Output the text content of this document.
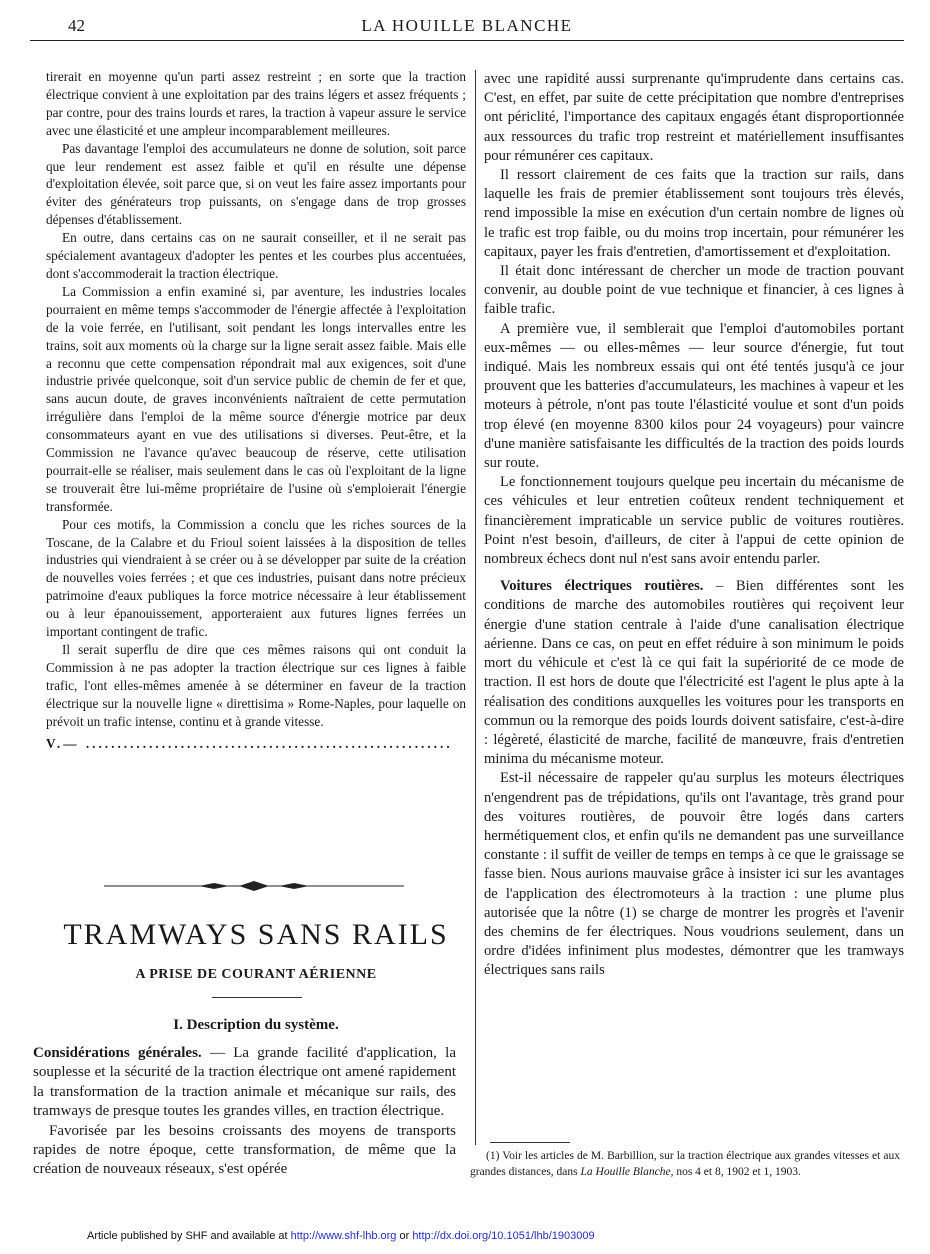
42	LA HOUILLE BLANCHE

tirerait en moyenne qu'un parti assez restreint ; en sorte que la traction électrique convient à une exploitation par des trains légers et assez fréquents ; par contre, pour des trains lourds et rares, la traction à vapeur assure le service avec une élasticité et une ampleur incomparablement meilleures.

Pas davantage l'emploi des accumulateurs ne donne de solution, soit parce que leur rendement est assez faible et qu'il en résulte une dépense d'exploitation élevée, soit parce que, si on veut les faire assez importants pour éviter des générateurs trop puissants, on s'engage dans de trop grosses dépenses d'établissement.

En outre, dans certains cas on ne saurait conseiller, et il ne serait pas spécialement avantageux d'adopter les pentes et les courbes plus accentuées, dont s'accommoderait la traction électrique.

La Commission a enfin examiné si, par aventure, les industries locales pourraient en même temps s'accommoder de l'énergie affectée à l'exploitation de la voie ferrée, en l'utilisant, soit pendant les longs intervalles entre les trains, soit aux moments où la charge sur la ligne serait assez faible. Mais elle a reconnu que cette compensation répondrait mal aux exigences, soit d'une industrie privée quelconque, soit d'un service public de chemin de fer et que, sans aucun doute, de graves inconvénients naîtraient de cette permutation irrégulière dans l'emploi de la même source d'énergie motrice par deux consommateurs ayant en vue des utilisations si diverses. Peut-être, et la Commission ne l'avance qu'avec beaucoup de réserve, cette utilisation pourrait-elle se réaliser, mais seulement dans le cas où l'exploitant de la ligne se trouverait être lui-même propriétaire de l'usine où s'emploierait l'énergie transformée.

Pour ces motifs, la Commission a conclu que les riches sources de la Toscane, de la Calabre et du Frioul soient laissées à la disposition de telles industries qui viendraient à se créer ou à se développer par suite de la création de nouvelles voies ferrées ; et que ces industries, puisant dans notre précieux patrimoine d'eaux publiques la force motrice nécessaire à leur établissement ou à leur épanouissement, apporteraient aux futures lignes ferrées un important contingent de trafic.

Il serait superflu de dire que ces mêmes raisons qui ont conduit la Commission à ne pas adopter la traction électrique sur ces lignes à faible trafic, l'ont elles-mêmes amenée à se déterminer en faveur de la traction électrique sur la nouvelle ligne « direttisima » Rome-Naples, pour laquelle on prévoit un trafic intense, continu et à grande vitesse.

V.— ..........................................................
TRAMWAYS SANS RAILS
A PRISE DE COURANT AÉRIENNE
I. Description du système.

Considérations générales. — La grande facilité d'application, la souplesse et la sécurité de la traction électrique ont amené rapidement la transformation de la traction animale et mécanique sur rails, des tramways de presque toutes les grandes villes, en traction électrique.

Favorisée par les besoins croissants des moyens de transports rapides de notre époque, cette transformation, de même que la création de nouveaux réseaux, s'est opérée

avec une rapidité aussi surprenante qu'imprudente dans certains cas. C'est, en effet, par suite de cette précipitation que nombre d'entreprises ont périclité, l'importance des capitaux engagés étant disproportionnée aux ressources du trafic trop restreint et matériellement insuffisantes pour rémunérer ces capitaux.

Il ressort clairement de ces faits que la traction sur rails, dans laquelle les frais de premier établissement sont toujours très élevés, rend impossible la mise en exécution d'un certain nombre de lignes où le trafic est trop faible, ou du moins trop incertain, pour rémunérer les capitaux, payer les frais d'entretien, d'amortissement et d'exploitation.

Il était donc intéressant de chercher un mode de traction pouvant convenir, au double point de vue technique et financier, à ces lignes à faible trafic.

A première vue, il semblerait que l'emploi d'automobiles portant eux-mêmes — ou elles-mêmes — leur source d'énergie, fut tout indiqué. Mais les nombreux essais qui ont été tentés jusqu'à ce jour prouvent que les batteries d'accumulateurs, les machines à vapeur et les moteurs à pétrole, n'ont pas toute l'élasticité voulue et sont d'un poids trop élevé (en moyenne 8300 kilos pour 24 voyageurs) pour vaincre d'une manière satisfaisante les difficultés de la traction des poids lourds sur route.

Le fonctionnement toujours quelque peu incertain du mécanisme de ces véhicules et leur entretien coûteux rendent techniquement et financièrement impraticable un service public de voitures routières. Point n'est besoin, d'ailleurs, de citer à l'appui de cette opinion de nombreux échecs dont nul n'est sans avoir entendu parler.

Voitures électriques routières. – Bien différentes sont les conditions de marche des automobiles routières qui reçoivent leur énergie d'une station centrale à l'aide d'une canalisation électrique aérienne. Dans ce cas, on peut en effet réduire à son minimum le poids mort du véhicule et c'est là ce qui fait la supériorité de ce mode de traction. Il est hors de doute que l'électricité est l'agent le plus apte à la réalisation des conditions auxquelles les voitures pour les transports en commun ou la remorque des poids lourds doivent satisfaire, c'est-à-dire : légèreté, élasticité de marche, facilité de manœuvre, frais d'entretien minima du mécanisme moteur.

Est-il nécessaire de rappeler qu'au surplus les moteurs électriques n'engendrent pas de trépidations, qu'ils ont l'avantage, très grand pour des voitures routières, de pouvoir être logés dans carters hermétiquement clos, et enfin qu'ils ne demandent pas une surveillance constante : il suffit de veiller de temps en temps à ce que le graissage se fasse bien. Nous aurions mauvaise grâce à insister ici sur les avantages de l'application des électromoteurs à la traction : une plume plus autorisée que la nôtre (1) se charge de montrer les progrès et l'avenir des chemins de fer électriques. Nous voudrions seulement, dans un ordre d'idées infiniment plus modestes, démontrer que les tramways électriques sans rails

(1) Voir les articles de M. Barbillion, sur la traction électrique aux grandes vitesses et aux grandes distances, dans La Houille Blanche, nos 4 et 8, 1902 et 1, 1903.

Article published by SHF and available at http://www.shf-lhb.org or http://dx.doi.org/10.1051/lhb/1903009
